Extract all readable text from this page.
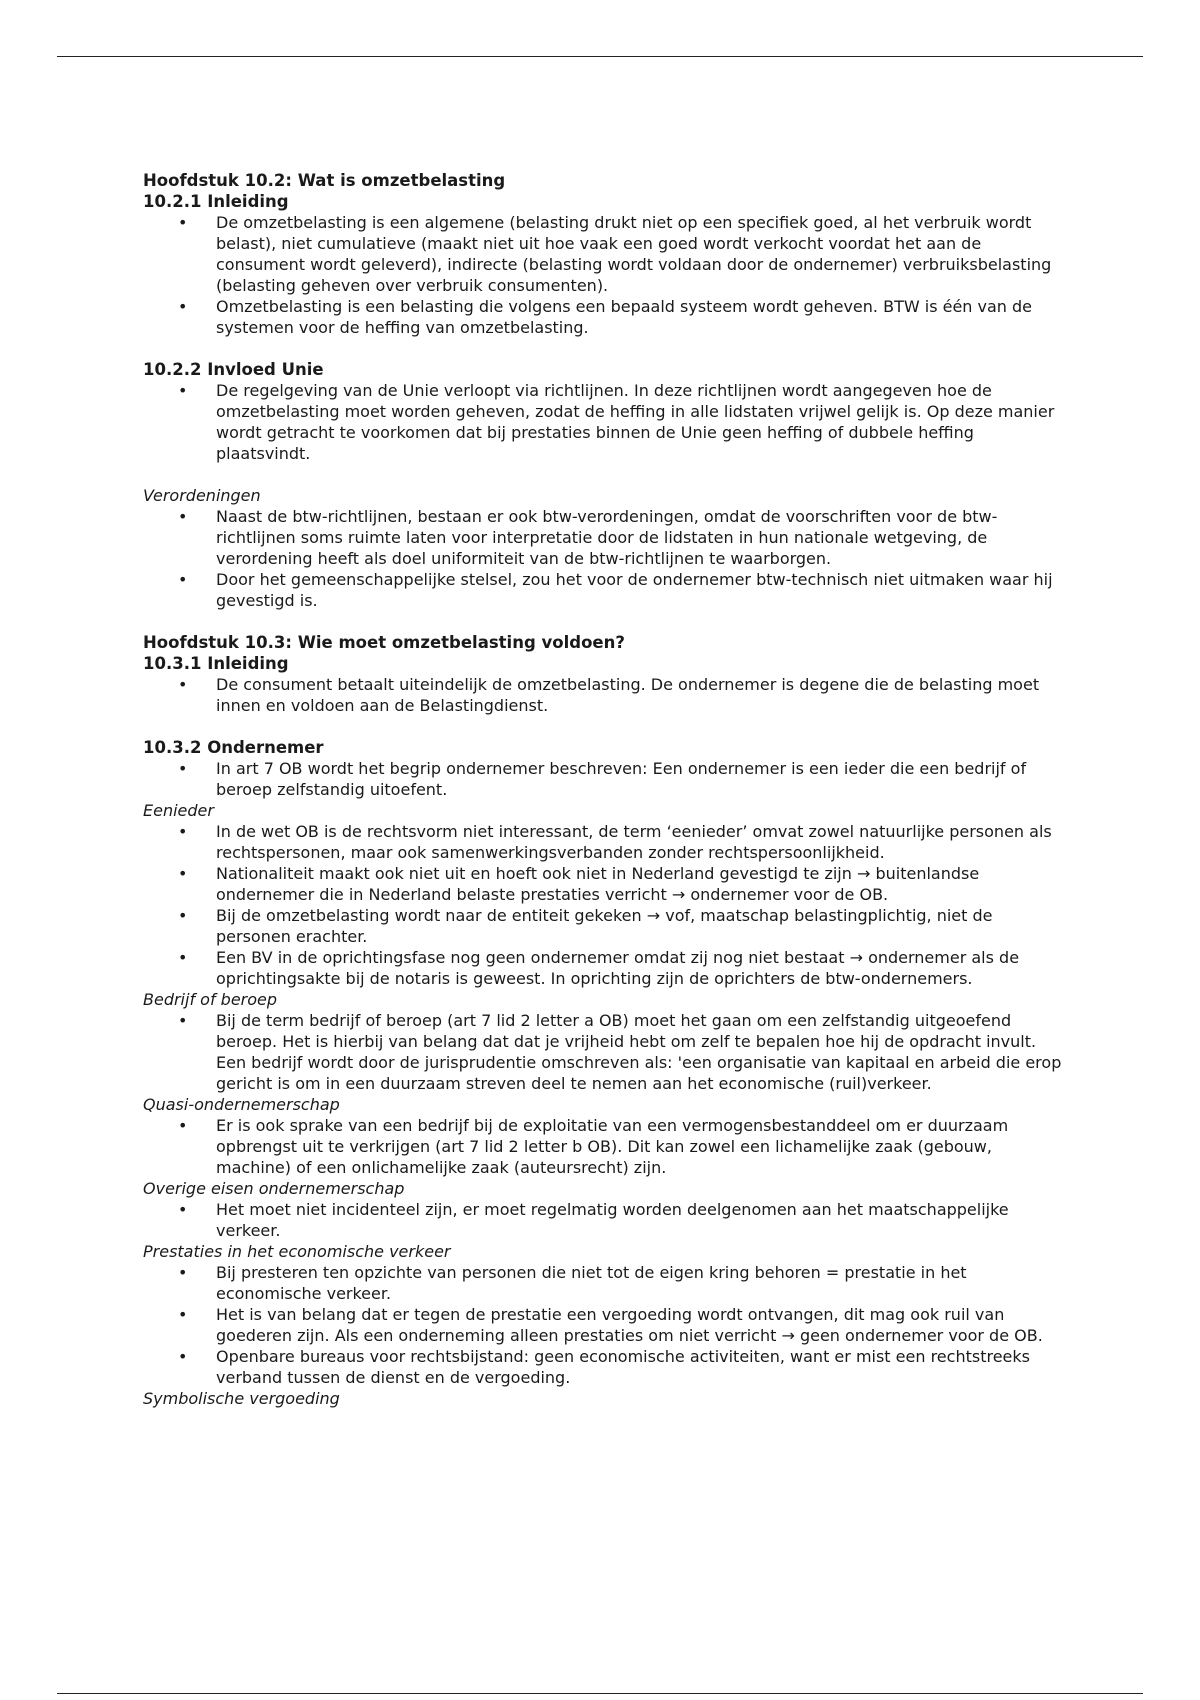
Hoofdstuk 10.2: Wat is omzetbelasting

10.2.1 Inleiding

• De omzetbelasting is een algemene (belasting drukt niet op een specifiek goed, al het verbruik wordt belast), niet cumulatieve (maakt niet uit hoe vaak een goed wordt verkocht voordat het aan de consument wordt geleverd), indirecte (belasting wordt voldaan door de ondernemer) verbruiksbelasting (belasting geheven over verbruik consumenten).
• Omzetbelasting is een belasting die volgens een bepaald systeem wordt geheven. BTW is één van de systemen voor de heffing van omzetbelasting.

10.2.2 Invloed Unie

• De regelgeving van de Unie verloopt via richtlijnen. In deze richtlijnen wordt aangegeven hoe de omzetbelasting moet worden geheven, zodat de heffing in alle lidstaten vrijwel gelijk is. Op deze manier wordt getracht te voorkomen dat bij prestaties binnen de Unie geen heffing of dubbele heffing plaatsvindt.

Verordeningen

• Naast de btw-richtlijnen, bestaan er ook btw-verordeningen, omdat de voorschriften voor de btw-richtlijnen soms ruimte laten voor interpretatie door de lidstaten in hun nationale wetgeving, de verordening heeft als doel uniformiteit van de btw-richtlijnen te waarborgen.
• Door het gemeenschappelijke stelsel, zou het voor de ondernemer btw-technisch niet uitmaken waar hij gevestigd is.

Hoofdstuk 10.3: Wie moet omzetbelasting voldoen?

10.3.1 Inleiding

• De consument betaalt uiteindelijk de omzetbelasting. De ondernemer is degene die de belasting moet innen en voldoen aan de Belastingdienst.

10.3.2 Ondernemer

• In art 7 OB wordt het begrip ondernemer beschreven: Een ondernemer is een ieder die een bedrijf of beroep zelfstandig uitoefent.

Eenieder

• In de wet OB is de rechtsvorm niet interessant, de term ‘eenieder’ omvat zowel natuurlijke personen als rechtspersonen, maar ook samenwerkingsverbanden zonder rechtspersoonlijkheid.
• Nationaliteit maakt ook niet uit en hoeft ook niet in Nederland gevestigd te zijn → buitenlandse ondernemer die in Nederland belaste prestaties verricht → ondernemer voor de OB.
• Bij de omzetbelasting wordt naar de entiteit gekeken → vof, maatschap belastingplichtig, niet de personen erachter.
• Een BV in de oprichtingsfase nog geen ondernemer omdat zij nog niet bestaat → ondernemer als de oprichtingsakte bij de notaris is geweest. In oprichting zijn de oprichters de btw-ondernemers.

Bedrijf of beroep

• Bij de term bedrijf of beroep (art 7 lid 2 letter a OB) moet het gaan om een zelfstandig uitgeoefend beroep. Het is hierbij van belang dat dat je vrijheid hebt om zelf te bepalen hoe hij de opdracht invult. Een bedrijf wordt door de jurisprudentie omschreven als: 'een organisatie van kapitaal en arbeid die erop gericht is om in een duurzaam streven deel te nemen aan het economische (ruil)verkeer.

Quasi-ondernemerschap

• Er is ook sprake van een bedrijf bij de exploitatie van een vermogensbestanddeel om er duurzaam opbrengst uit te verkrijgen (art 7 lid 2 letter b OB). Dit kan zowel een lichamelijke zaak (gebouw, machine) of een onlichamelijke zaak (auteursrecht) zijn.

Overige eisen ondernemerschap

• Het moet niet incidenteel zijn, er moet regelmatig worden deelgenomen aan het maatschappelijke verkeer.

Prestaties in het economische verkeer

• Bij presteren ten opzichte van personen die niet tot de eigen kring behoren = prestatie in het economische verkeer.
• Het is van belang dat er tegen de prestatie een vergoeding wordt ontvangen, dit mag ook ruil van goederen zijn. Als een onderneming alleen prestaties om niet verricht → geen ondernemer voor de OB.
• Openbare bureaus voor rechtsbijstand: geen economische activiteiten, want er mist een rechtstreeks verband tussen de dienst en de vergoeding.

Symbolische vergoeding
